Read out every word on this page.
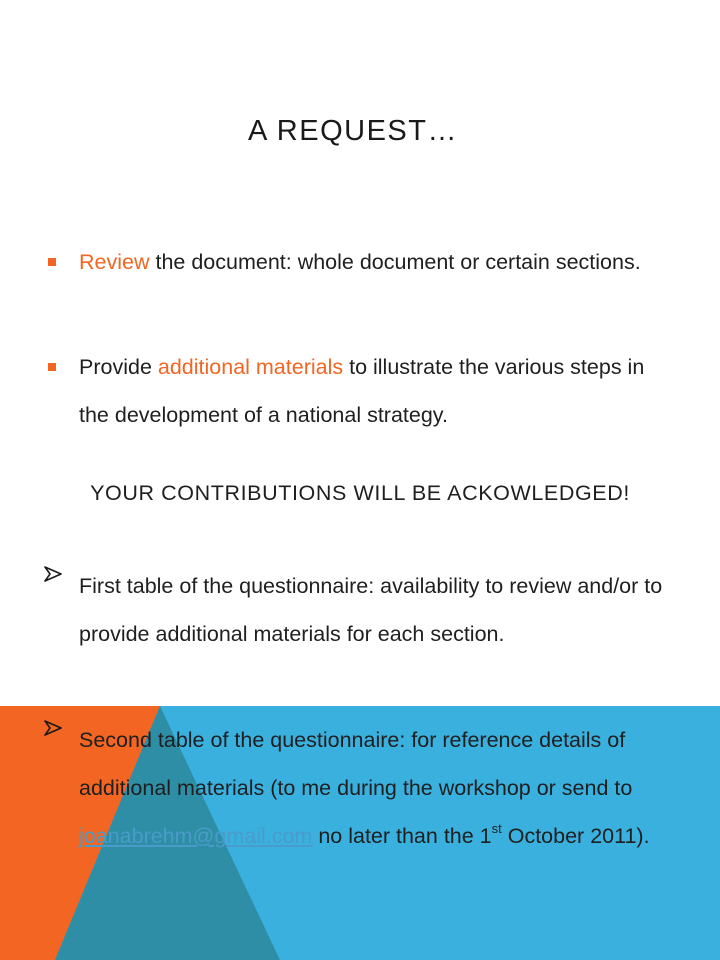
A REQUEST…
Review the document: whole document or certain sections.
Provide additional materials to illustrate the various steps in the development of a national strategy.
YOUR CONTRIBUTIONS WILL BE ACKOWLEDGED!
First table of the questionnaire: availability to review and/or to provide additional materials for each section.
Second table of the questionnaire: for reference details of additional materials (to me during the workshop or send to joanabrehm@gmail.com no later than the 1st October 2011).
